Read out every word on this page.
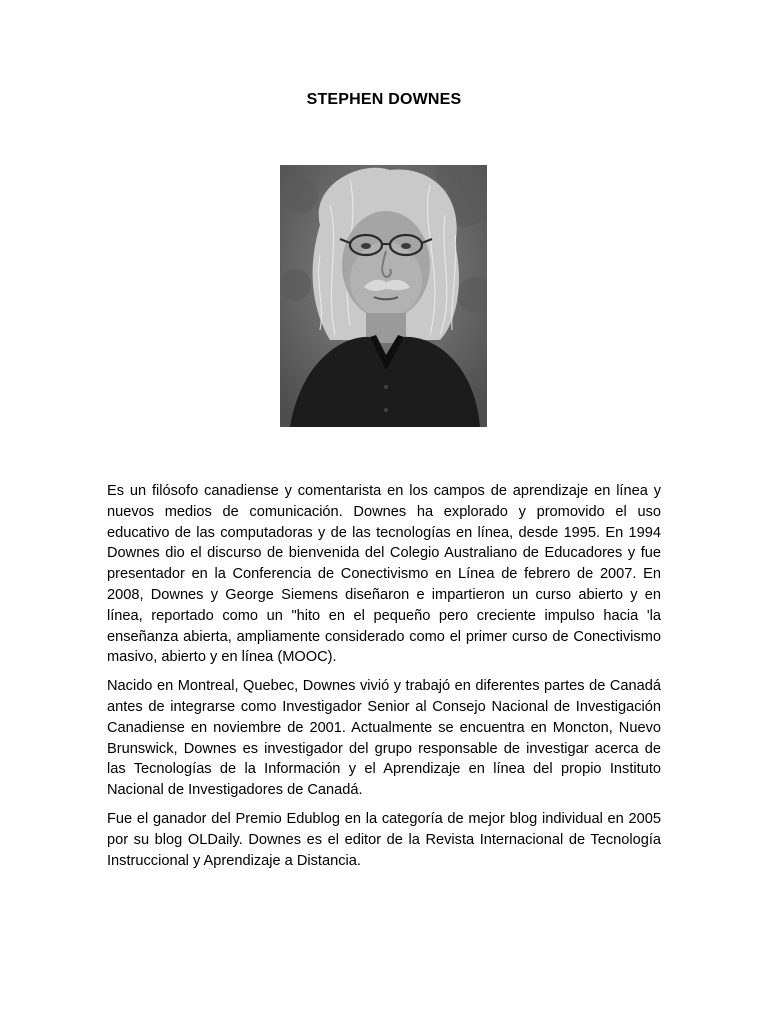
STEPHEN DOWNES

Es un filósofo canadiense y comentarista en los campos de aprendizaje en línea y nuevos medios de comunicación. Downes ha explorado y promovido el uso educativo de las computadoras y de las tecnologías en línea, desde 1995. En 1994 Downes dio el discurso de bienvenida del Colegio Australiano de Educadores y fue presentador en la Conferencia de Conectivismo en Línea de febrero de 2007. En 2008, Downes y George Siemens diseñaron e impartieron un curso abierto y en línea, reportado como un "hito en el pequeño pero creciente impulso hacia 'la enseñanza abierta, ampliamente considerado como el primer curso de Conectivismo masivo, abierto y en línea (MOOC).

Nacido en Montreal, Quebec, Downes vivió y trabajó en diferentes partes de Canadá antes de integrarse como Investigador Senior al Consejo Nacional de Investigación Canadiense en noviembre de 2001. Actualmente se encuentra en Moncton, Nuevo Brunswick, Downes es investigador del grupo responsable de investigar acerca de las Tecnologías de la Información y el Aprendizaje en línea del propio Instituto Nacional de Investigadores de Canadá.

Fue el ganador del Premio Edublog en la categoría de mejor blog individual en 2005 por su blog OLDaily. Downes es el editor de la Revista Internacional de Tecnología Instruccional y Aprendizaje a Distancia.
